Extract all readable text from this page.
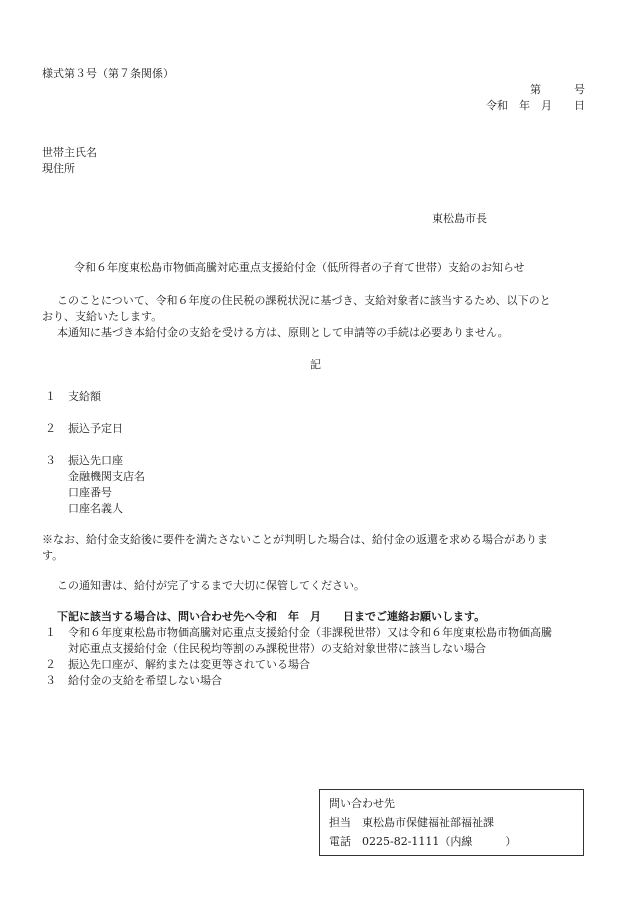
様式第３号（第７条関係）
第　　　号
令和　年　月　　日
世帯主氏名
現住所
東松島市長
令和６年度東松島市物価高騰対応重点支援給付金（低所得者の子育て世帯）支給のお知らせ
このことについて、令和６年度の住民税の課税状況に基づき、支給対象者に該当するため、以下のと
おり、支給いたします。
本通知に基づき本給付金の支給を受ける方は、原則として申請等の手続は必要ありません。
記
１ 支給額
２ 振込予定日
３ 振込先口座
金融機関支店名
口座番号
口座名義人
※なお、給付金支給後に要件を満たさないことが判明した場合は、給付金の返還を求める場合がありま
す。
この通知書は、給付が完了するまで大切に保管してください。
下記に該当する場合は、問い合わせ先へ令和　年　月　　日までご連絡お願いします。
１ 令和６年度東松島市物価高騰対応重点支援給付金（非課税世帯）又は令和６年度東松島市物価高騰
対応重点支援給付金（住民税均等割のみ課税世帯）の支給対象世帯に該当しない場合
２ 振込先口座が、解約または変更等されている場合
３ 給付金の支給を希望しない場合
問い合わせ先
担当　東松島市保健福祉部福祉課
電話　0225-82-1111（内線　　　）
